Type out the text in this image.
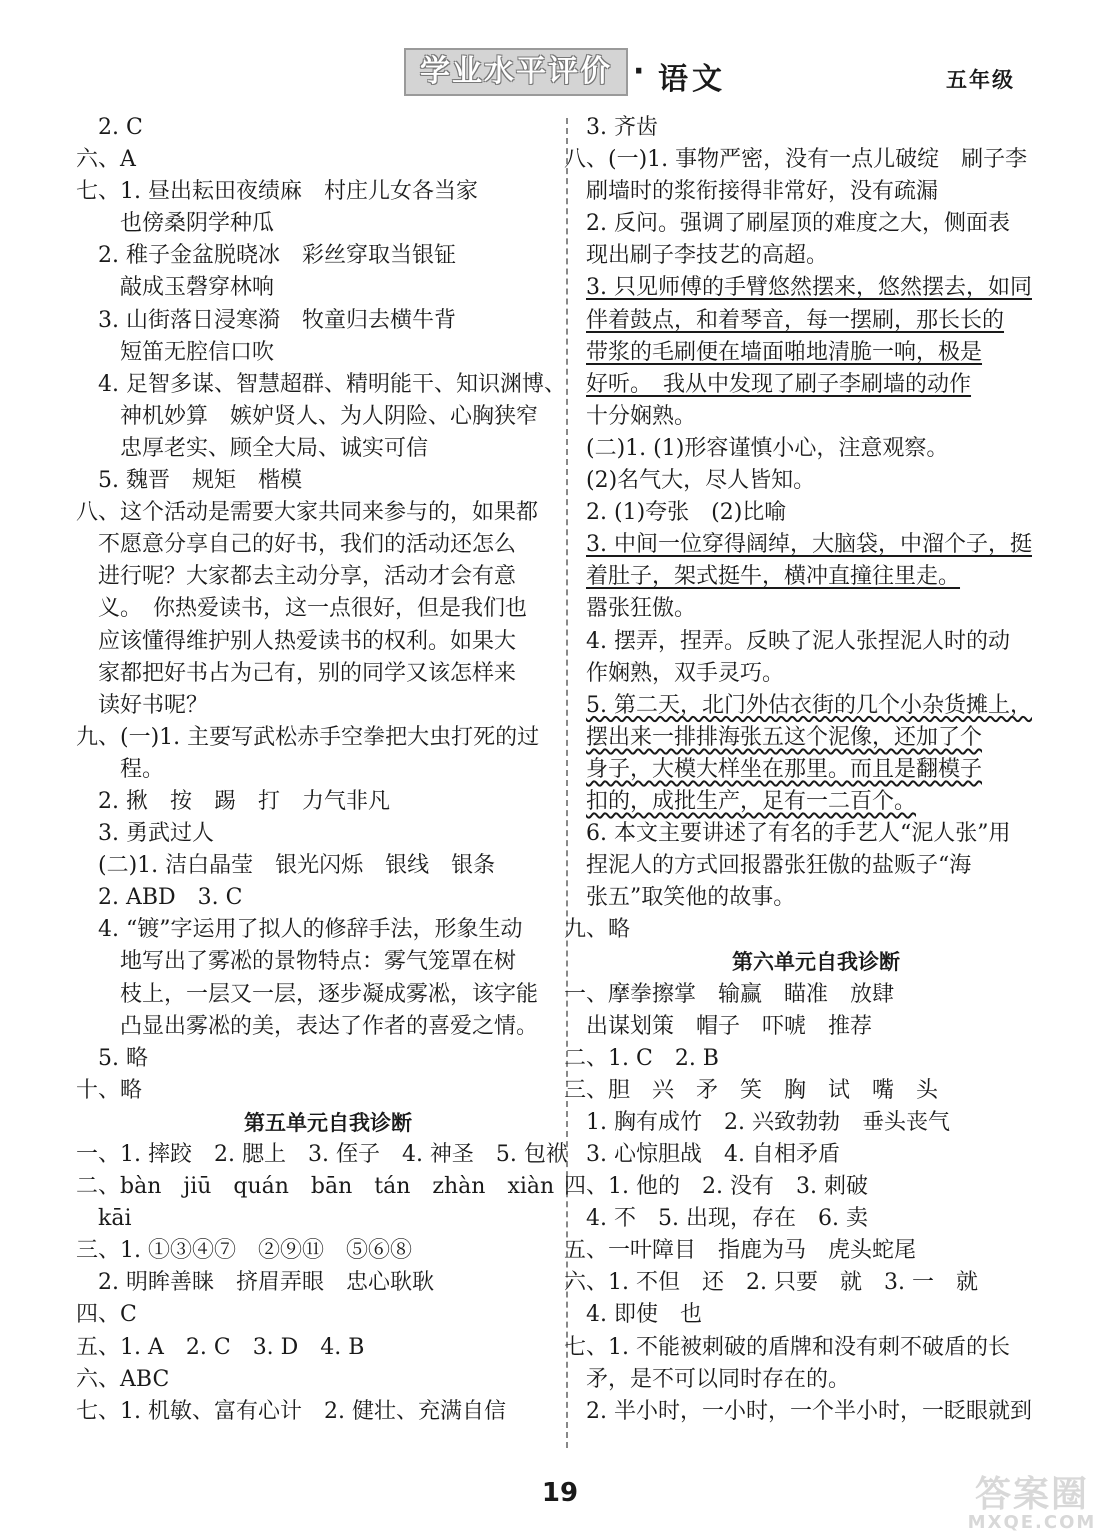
学业水平评价 · 语文	五年级
2. C
六、A
七、1. 昼出耘田夜绩麻　村庄儿女各当家
也傍桑阴学种瓜
2. 稚子金盆脱晓冰　彩丝穿取当银钲
敲成玉磬穿林响
3. 山街落日浸寒漪　牧童归去横牛背
短笛无腔信口吹
4. 足智多谋、智慧超群、精明能干、知识渊博、
神机妙算　嫉妒贤人、为人阴险、心胸狭窄
忠厚老实、顾全大局、诚实可信
5. 魏晋　规矩　楷模
八、这个活动是需要大家共同来参与的，如果都
不愿意分享自己的好书，我们的活动还怎么
进行呢？大家都去主动分享，活动才会有意
义。　你热爱读书，这一点很好，但是我们也
应该懂得维护别人热爱读书的权利。如果大
家都把好书占为己有，别的同学又该怎样来
读好书呢？
九、(一)1. 主要写武松赤手空拳把大虫打死的过
程。
2. 揪　按　踢　打　力气非凡
3. 勇武过人
(二)1. 洁白晶莹　银光闪烁　银线　银条
2. ABD　3. C
4. “镀”字运用了拟人的修辞手法，形象生动
地写出了雾凇的景物特点：雾气笼罩在树
枝上，一层又一层，逐步凝成雾凇，该字能
凸显出雾凇的美，表达了作者的喜爱之情。
5. 略
十、略
第五单元自我诊断
一、1. 摔跤　2. 腮上　3. 侄子　4. 神圣　5. 包袱
二、bàn　jiū　quán　bān　tán　zhàn　xiàn
kāi
三、1. ①③④⑦　②⑨⑪　⑤⑥⑧
2. 明眸善睐　挤眉弄眼　忠心耿耿
四、C
五、1. A　2. C　3. D　4. B
六、ABC
七、1. 机敏、富有心计　2. 健壮、充满自信
3. 齐齿
八、(一)1. 事物严密，没有一点儿破绽　刷子李
刷墙时的浆衔接得非常好，没有疏漏
2. 反问。强调了刷屋顶的难度之大，侧面表
现出刷子李技艺的高超。
3. 只见师傅的手臂悠然摆来，悠然摆去，如同
伴着鼓点，和着琴音，每一摆刷，那长长的
带浆的毛刷便在墙面啪地清脆一响，极是
好听。　我从中发现了刷子李刷墙的动作
十分娴熟。
(二)1. (1)形容谨慎小心，注意观察。
(2)名气大，尽人皆知。
2. (1)夸张　(2)比喻
3. 中间一位穿得阔绰，大脑袋，中溜个子，挺
着肚子，架式挺牛，横冲直撞往里走。
嚣张狂傲。
4. 摆弄，捏弄。反映了泥人张捏泥人时的动
作娴熟，双手灵巧。
5. 第二天，北门外估衣街的几个小杂货摊上，
摆出来一排排海张五这个泥像，还加了个
身子，大模大样坐在那里。而且是翻模子
扣的，成批生产，足有一二百个。
6. 本文主要讲述了有名的手艺人“泥人张”用
捏泥人的方式回报嚣张狂傲的盐贩子“海
张五”取笑他的故事。
九、略
第六单元自我诊断
一、摩拳擦掌　输赢　瞄准　放肆
出谋划策　帽子　吓唬　推荐
二、1. C　2. B
三、胆　兴　矛　笑　胸　试　嘴　头
1. 胸有成竹　2. 兴致勃勃　垂头丧气
3. 心惊胆战　4. 自相矛盾
四、1. 他的　2. 没有　3. 刺破
4. 不　5. 出现，存在　6. 卖
五、一叶障目　指鹿为马　虎头蛇尾
六、1. 不但　还　2. 只要　就　3. 一　就
4. 即使　也
七、1. 不能被刺破的盾牌和没有刺不破盾的长
矛，是不可以同时存在的。
2. 半小时，一小时，一个半小时，一眨眼就到
19	答案圈
MXQE.COM
